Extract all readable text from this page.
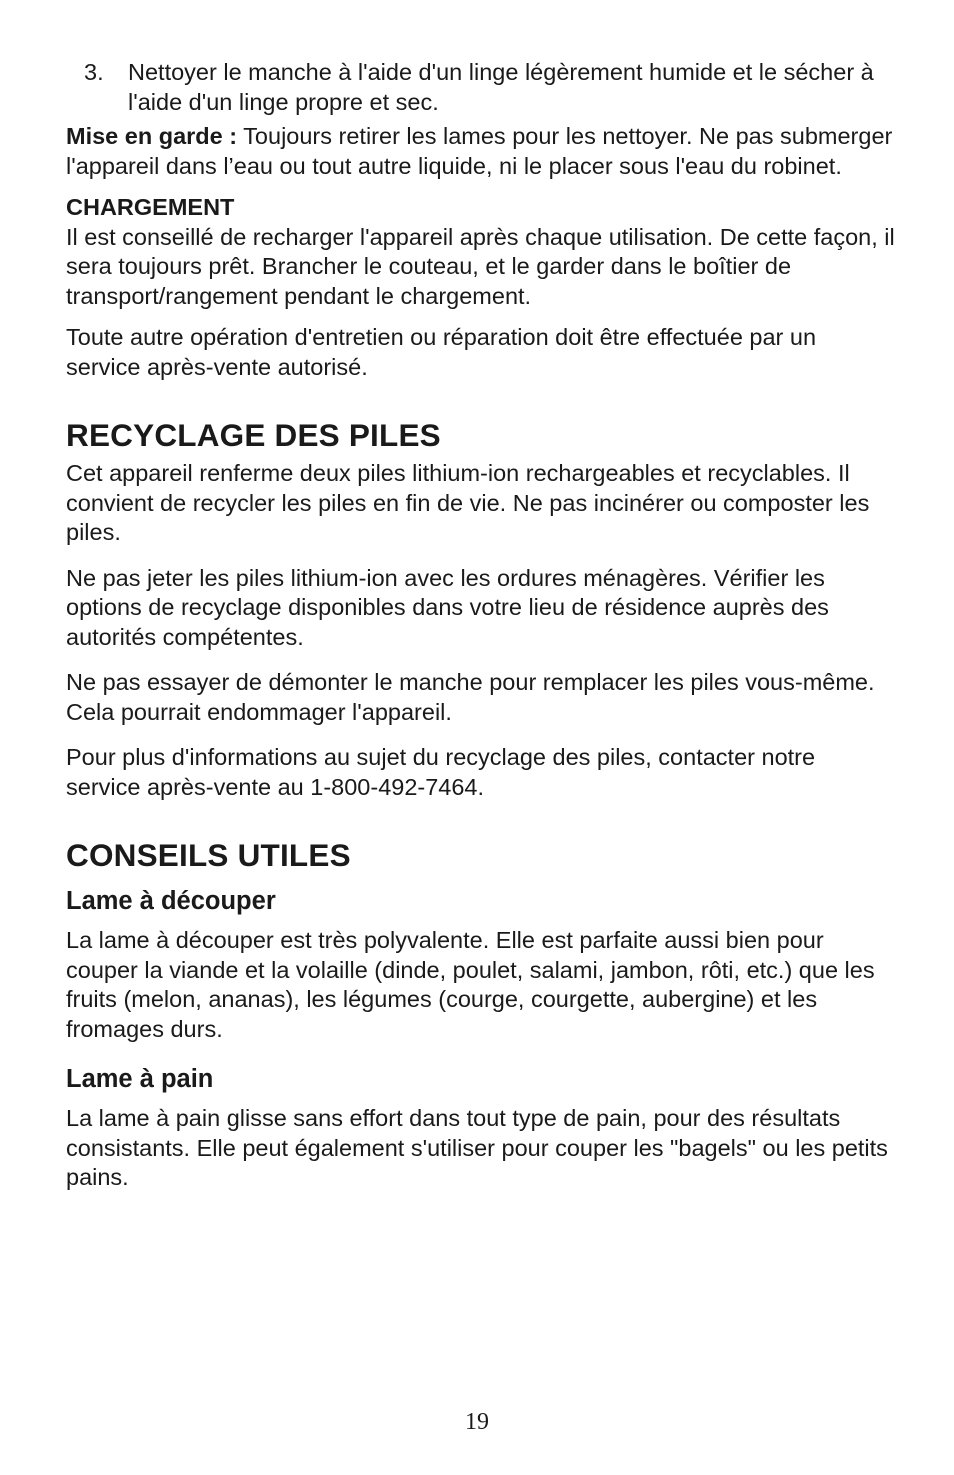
3. Nettoyer le manche à l'aide d'un linge légèrement humide et le sécher à l'aide d'un linge propre et sec.

Mise en garde : Toujours retirer les lames pour les nettoyer. Ne pas submerger l'appareil dans l’eau ou tout autre liquide, ni le placer sous l'eau du robinet.

CHARGEMENT

Il est conseillé de recharger l'appareil après chaque utilisation. De cette façon, il sera toujours prêt. Brancher le couteau, et le garder dans le boîtier de transport/rangement pendant le chargement.

Toute autre opération d'entretien ou réparation doit être effectuée par un service après-vente autorisé.

RECYCLAGE DES PILES

Cet appareil renferme deux piles lithium-ion rechargeables et recyclables. Il convient de recycler les piles en fin de vie. Ne pas incinérer ou composter les piles.

Ne pas jeter les piles lithium-ion avec les ordures ménagères. Vérifier les options de recyclage disponibles dans votre lieu de résidence auprès des autorités compétentes.

Ne pas essayer de démonter le manche pour remplacer les piles vous-même. Cela pourrait endommager l'appareil.

Pour plus d'informations au sujet du recyclage des piles, contacter notre service après-vente au 1-800-492-7464.

CONSEILS UTILES
Lame à découper

La lame à découper est très polyvalente. Elle est parfaite aussi bien pour couper la viande et la volaille (dinde, poulet, salami, jambon, rôti, etc.) que les fruits (melon, ananas), les légumes (courge, courgette, aubergine) et les fromages durs.

Lame à pain

La lame à pain glisse sans effort dans tout type de pain, pour des résultats consistants. Elle peut également s'utiliser pour couper les "bagels" ou les petits pains.

19
